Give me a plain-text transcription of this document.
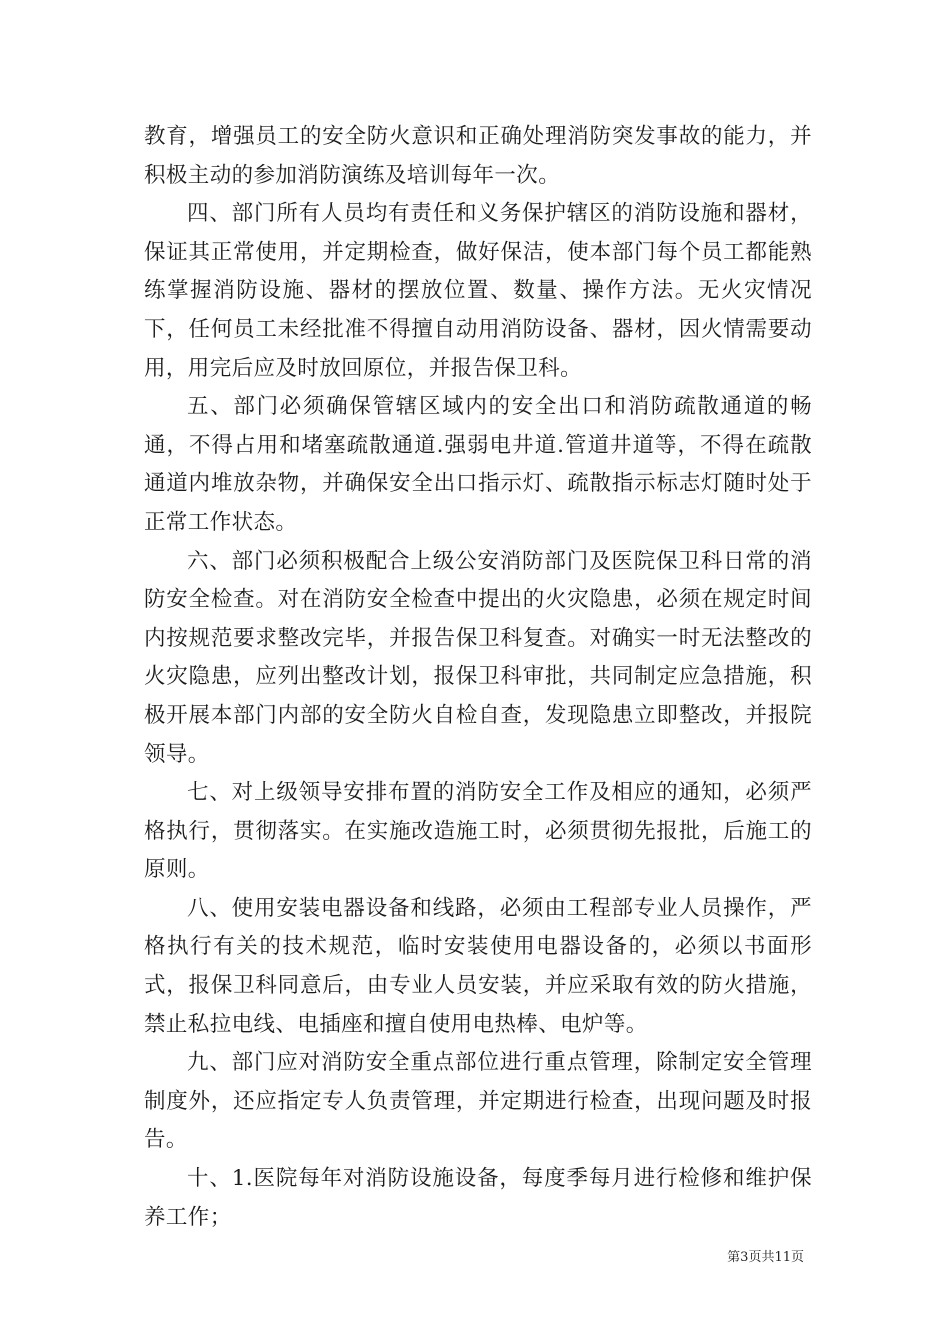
教育，增强员工的安全防火意识和正确处理消防突发事故的能力，并积极主动的参加消防演练及培训每年一次。

四、部门所有人员均有责任和义务保护辖区的消防设施和器材，保证其正常使用，并定期检查，做好保洁，使本部门每个员工都能熟练掌握消防设施、器材的摆放位置、数量、操作方法。无火灾情况下，任何员工未经批准不得擅自动用消防设备、器材，因火情需要动用，用完后应及时放回原位，并报告保卫科。

五、部门必须确保管辖区域内的安全出口和消防疏散通道的畅通，不得占用和堵塞疏散通道.强弱电井道.管道井道等，不得在疏散通道内堆放杂物，并确保安全出口指示灯、疏散指示标志灯随时处于正常工作状态。

六、部门必须积极配合上级公安消防部门及医院保卫科日常的消防安全检查。对在消防安全检查中提出的火灾隐患，必须在规定时间内按规范要求整改完毕，并报告保卫科复查。对确实一时无法整改的火灾隐患，应列出整改计划，报保卫科审批，共同制定应急措施，积极开展本部门内部的安全防火自检自查，发现隐患立即整改，并报院领导。

七、对上级领导安排布置的消防安全工作及相应的通知，必须严格执行，贯彻落实。在实施改造施工时，必须贯彻先报批，后施工的原则。

八、使用安装电器设备和线路，必须由工程部专业人员操作，严格执行有关的技术规范，临时安装使用电器设备的，必须以书面形式，报保卫科同意后，由专业人员安装，并应采取有效的防火措施，禁止私拉电线、电插座和擅自使用电热棒、电炉等。

九、部门应对消防安全重点部位进行重点管理，除制定安全管理制度外，还应指定专人负责管理，并定期进行检查，出现问题及时报告。

十、1.医院每年对消防设施设备，每度季每月进行检修和维护保养工作；

第3页共11页
